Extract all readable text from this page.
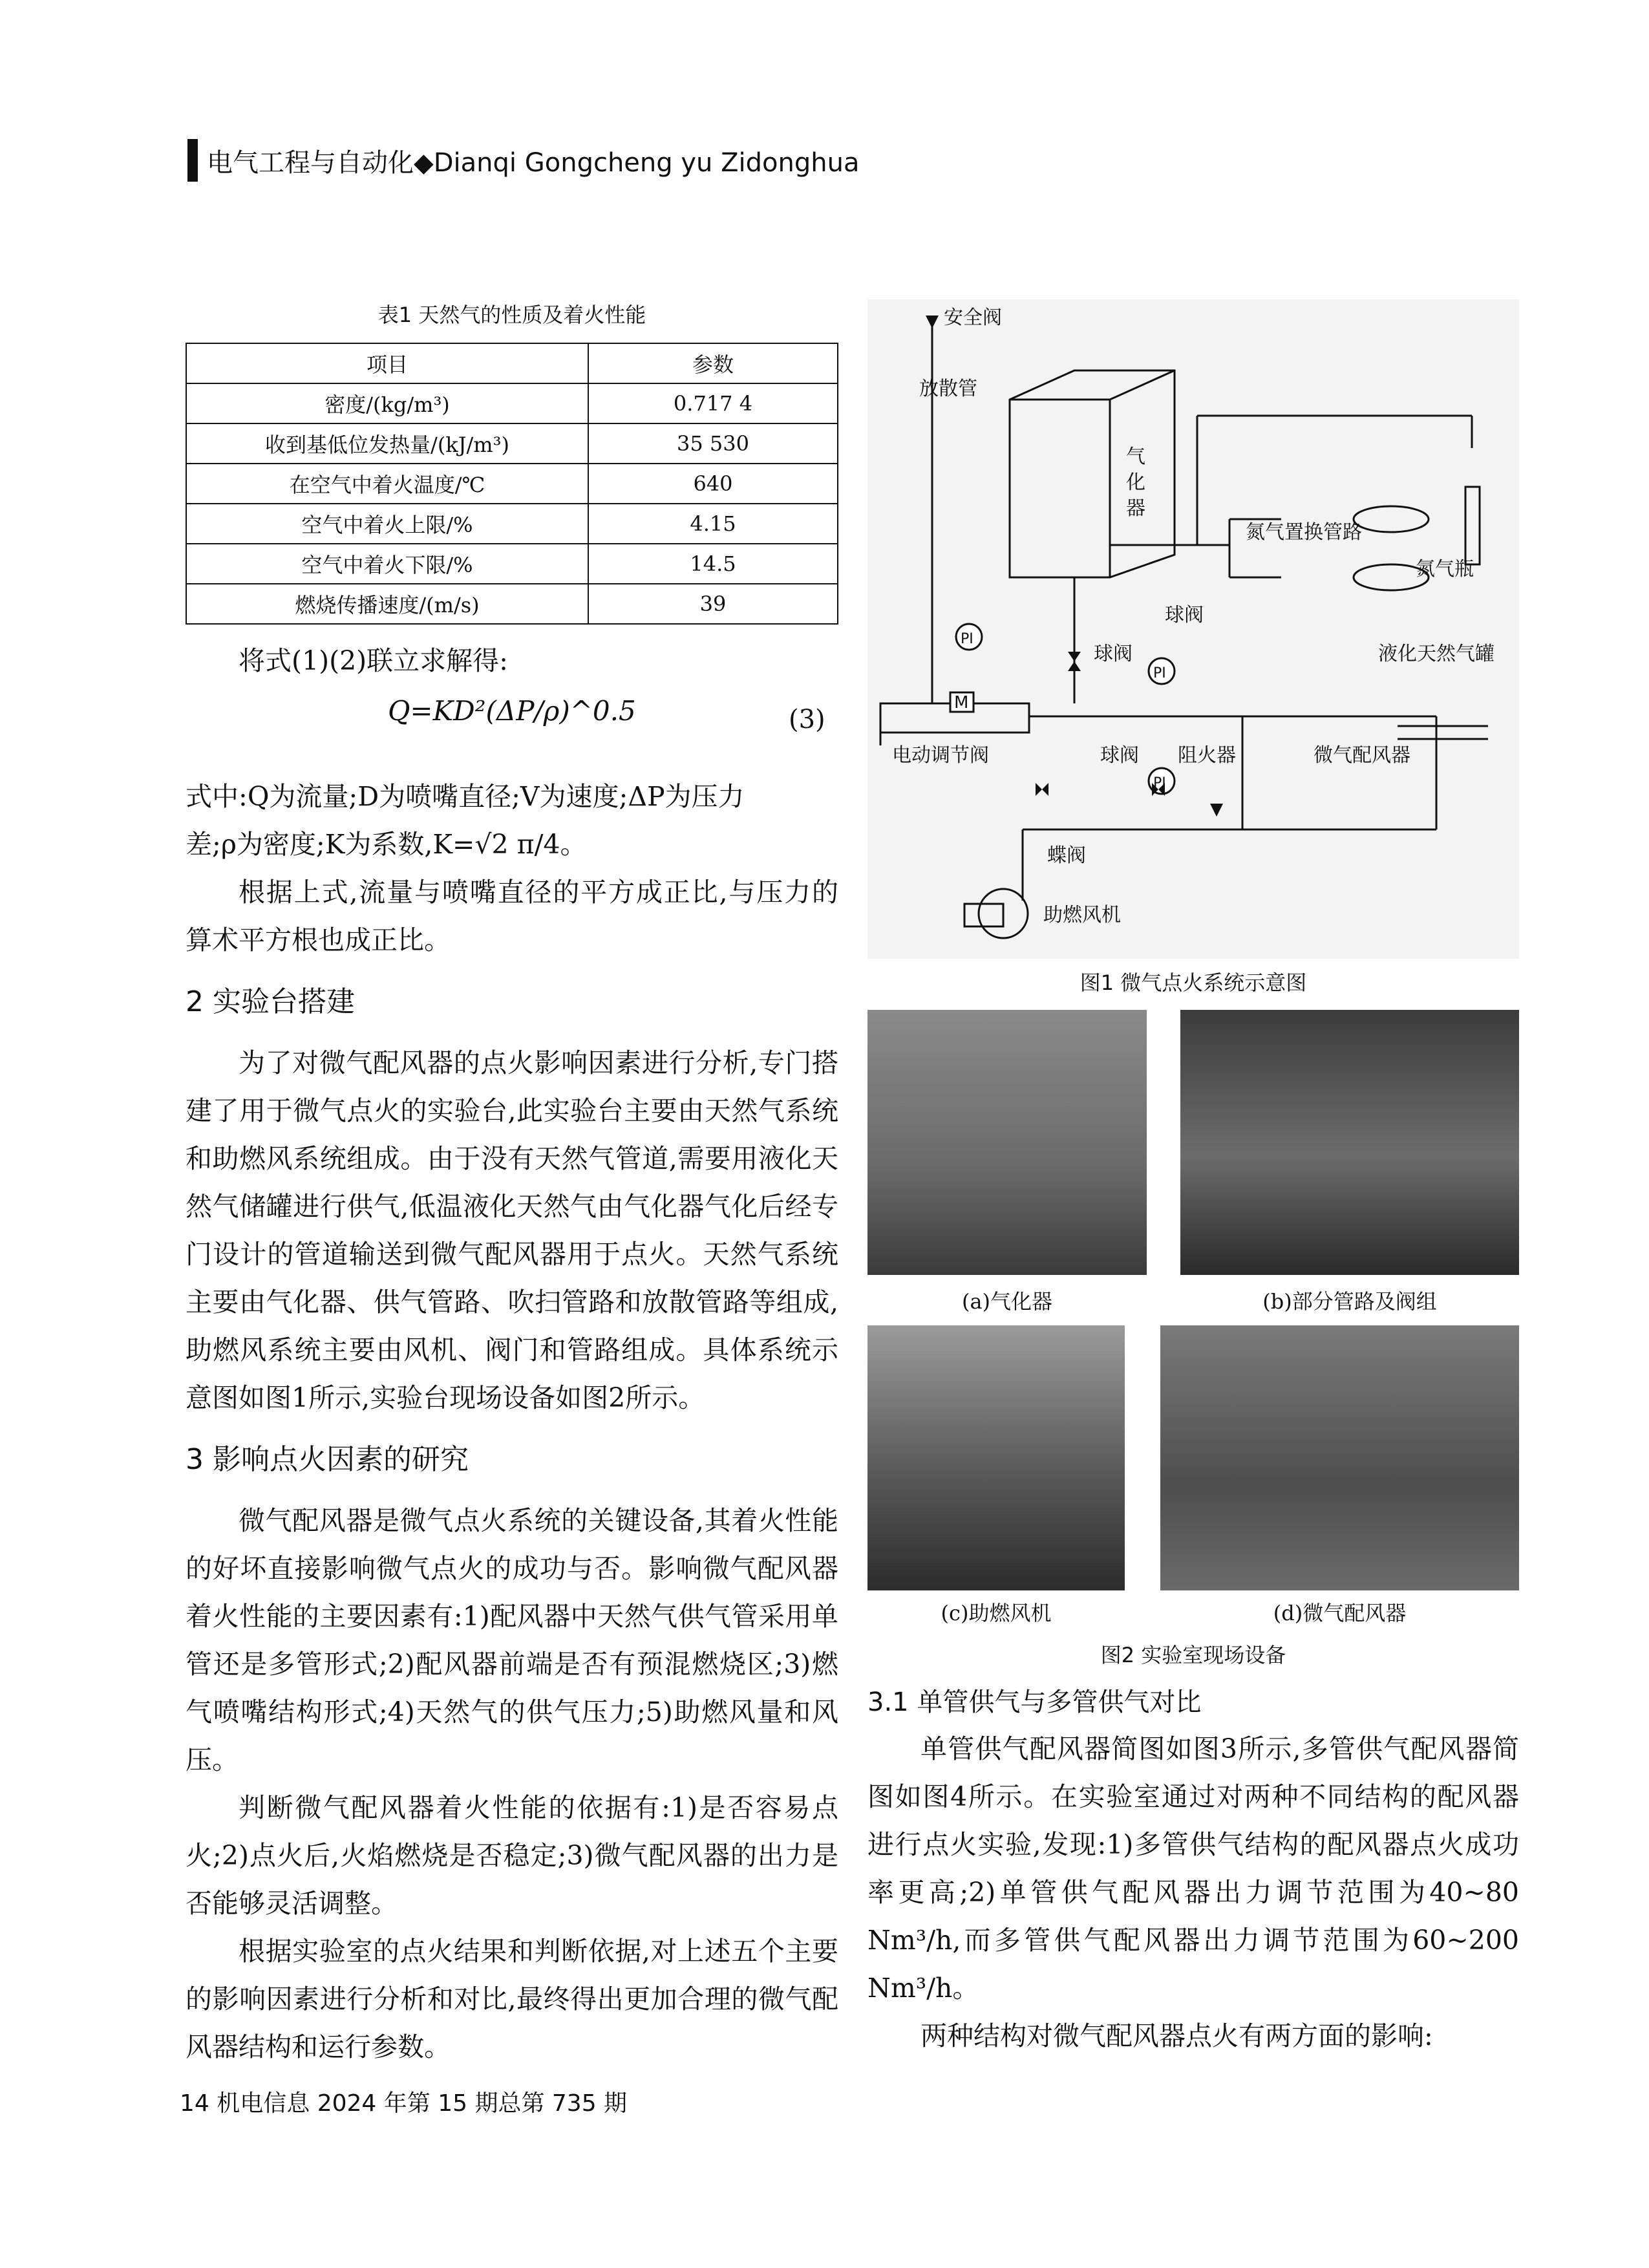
电气工程与自动化◆Dianqi Gongcheng yu Zidonghua
表1 天然气的性质及着火性能
项目	参数
密度/(kg/m³)	0.717 4
收到基低位发热量/(kJ/m³)	35 530
在空气中着火温度/℃	640
空气中着火上限/%	4.15
空气中着火下限/%	14.5
燃烧传播速度/(m/s)	39

将式(1)(2)联立求解得:

Q=KD²(ΔP/ρ)^0.5	(3)

式中:Q为流量;D为喷嘴直径;V为速度;ΔP为压力

差;ρ为密度;K为系数,K=√2 π/4。

根据上式,流量与喷嘴直径的平方成正比,与压力的算术平方根也成正比。

2 实验台搭建

为了对微气配风器的点火影响因素进行分析,专门搭建了用于微气点火的实验台,此实验台主要由天然气系统和助燃风系统组成。由于没有天然气管道,需要用液化天然气储罐进行供气,低温液化天然气由气化器气化后经专门设计的管道输送到微气配风器用于点火。天然气系统主要由气化器、供气管路、吹扫管路和放散管路等组成,助燃风系统主要由风机、阀门和管路组成。具体系统示意图如图1所示,实验台现场设备如图2所示。

3 影响点火因素的研究

微气配风器是微气点火系统的关键设备,其着火性能的好坏直接影响微气点火的成功与否。影响微气配风器着火性能的主要因素有:1)配风器中天然气供气管采用单管还是多管形式;2)配风器前端是否有预混燃烧区;3)燃气喷嘴结构形式;4)天然气的供气压力;5)助燃风量和风压。

判断微气配风器着火性能的依据有:1)是否容易点火;2)点火后,火焰燃烧是否稳定;3)微气配风器的出力是否能够灵活调整。

根据实验室的点火结果和判断依据,对上述五个主要的影响因素进行分析和对比,最终得出更加合理的微气配风器结构和运行参数。

安全阀
放散管
气
化
器
氮气置换管路
氮气瓶
球阀
球阀	液化天然气罐
PI
PI
PI
M
电动调节阀	球阀 阻火器	微气配风器
蝶阀
助燃风机
图1 微气点火系统示意图
(a)气化器	(b)部分管路及阀组
(c)助燃风机	(d)微气配风器
图2 实验室现场设备
3.1 单管供气与多管供气对比

单管供气配风器简图如图3所示,多管供气配风器简图如图4所示。在实验室通过对两种不同结构的配风器进行点火实验,发现:1)多管供气结构的配风器点火成功率更高;2)单管供气配风器出力调节范围为40~80 Nm³/h,而多管供气配风器出力调节范围为60~200 Nm³/h。

两种结构对微气配风器点火有两方面的影响:

14 机电信息 2024 年第 15 期总第 735 期
